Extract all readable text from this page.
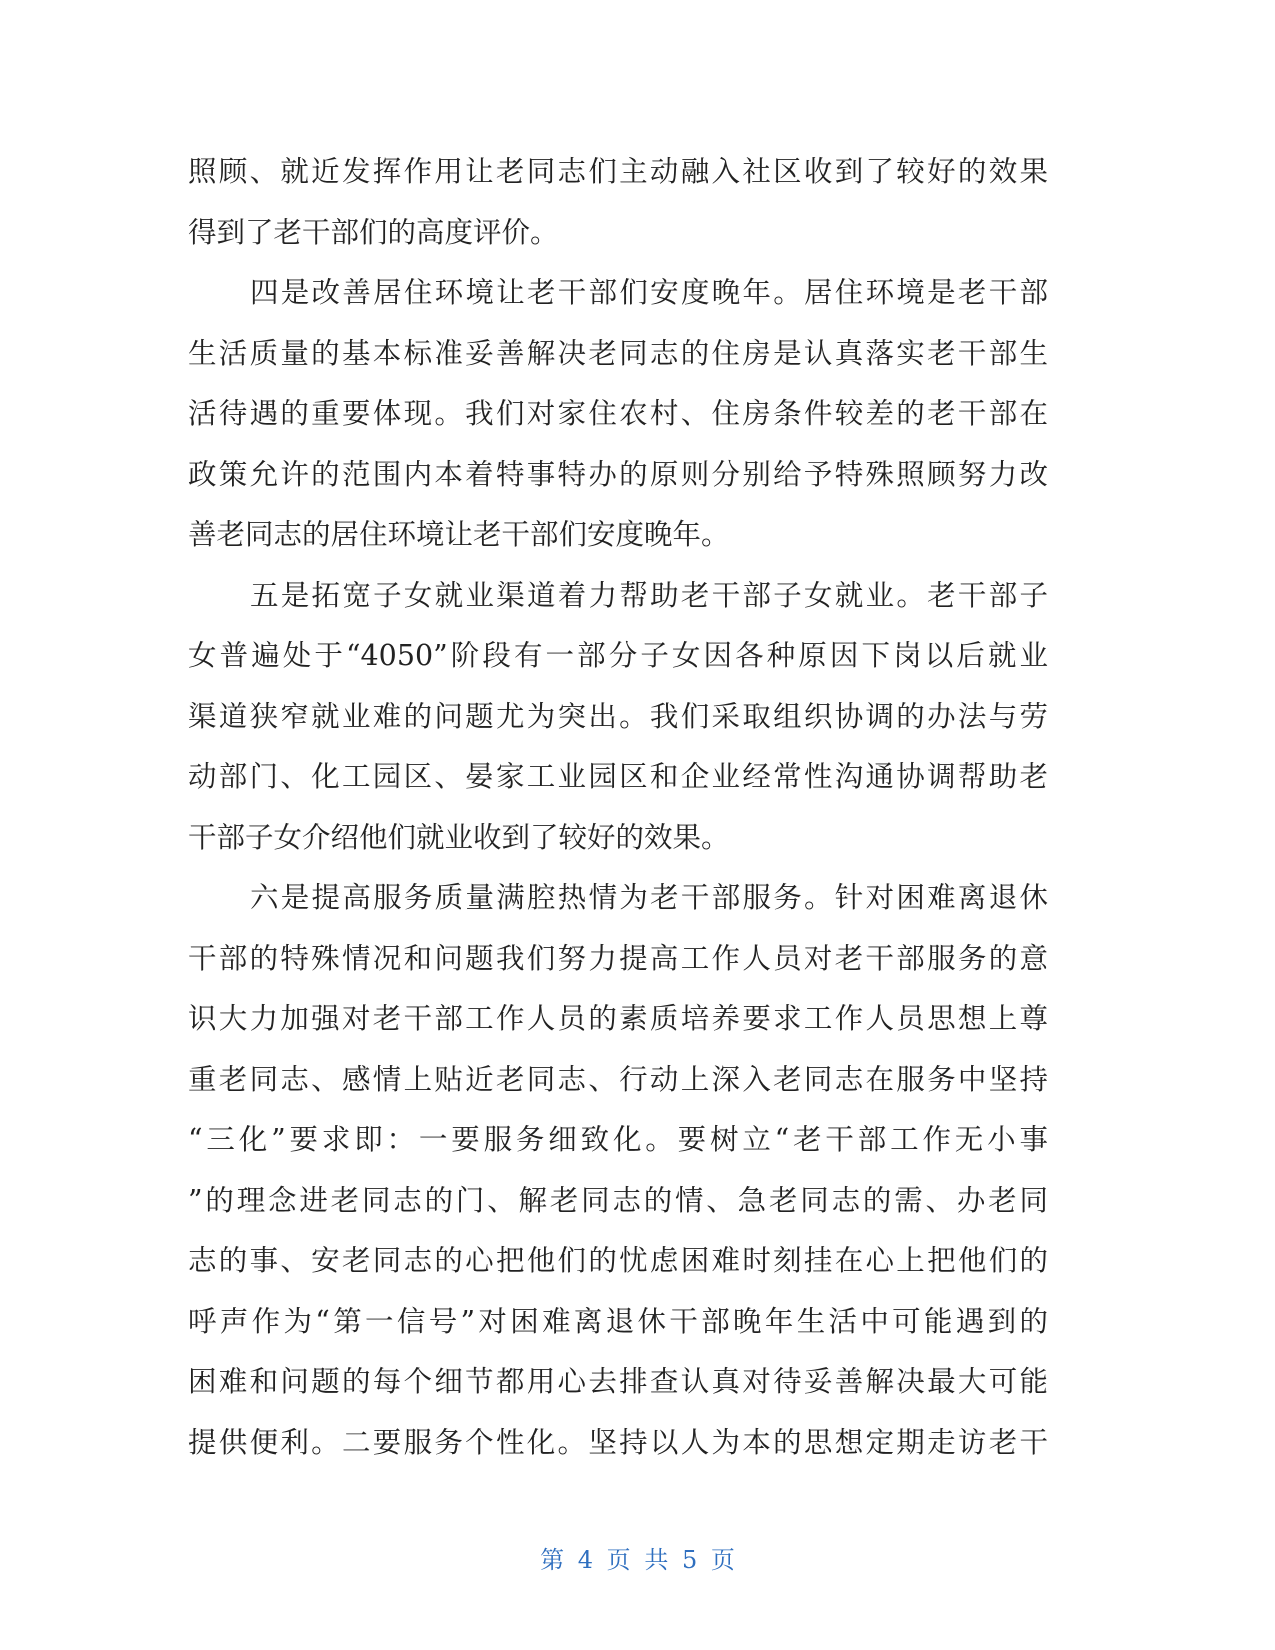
照顾、就近发挥作用让老同志们主动融入社区收到了较好的效果
得到了老干部们的高度评价。
四是改善居住环境让老干部们安度晚年。居住环境是老干部
生活质量的基本标准妥善解决老同志的住房是认真落实老干部生
活待遇的重要体现。我们对家住农村、住房条件较差的老干部在
政策允许的范围内本着特事特办的原则分别给予特殊照顾努力改
善老同志的居住环境让老干部们安度晚年。
五是拓宽子女就业渠道着力帮助老干部子女就业。老干部子
女普遍处于“4050”阶段有一部分子女因各种原因下岗以后就业
渠道狭窄就业难的问题尤为突出。我们采取组织协调的办法与劳
动部门、化工园区、晏家工业园区和企业经常性沟通协调帮助老
干部子女介绍他们就业收到了较好的效果。
六是提高服务质量满腔热情为老干部服务。针对困难离退休
干部的特殊情况和问题我们努力提高工作人员对老干部服务的意
识大力加强对老干部工作人员的素质培养要求工作人员思想上尊
重老同志、感情上贴近老同志、行动上深入老同志在服务中坚持
“三化”要求即：一要服务细致化。要树立“老干部工作无小事
”的理念进老同志的门、解老同志的情、急老同志的需、办老同
志的事、安老同志的心把他们的忧虑困难时刻挂在心上把他们的
呼声作为“第一信号”对困难离退休干部晚年生活中可能遇到的
困难和问题的每个细节都用心去排查认真对待妥善解决最大可能
提供便利。二要服务个性化。坚持以人为本的思想定期走访老干
第 4 页 共 5 页
